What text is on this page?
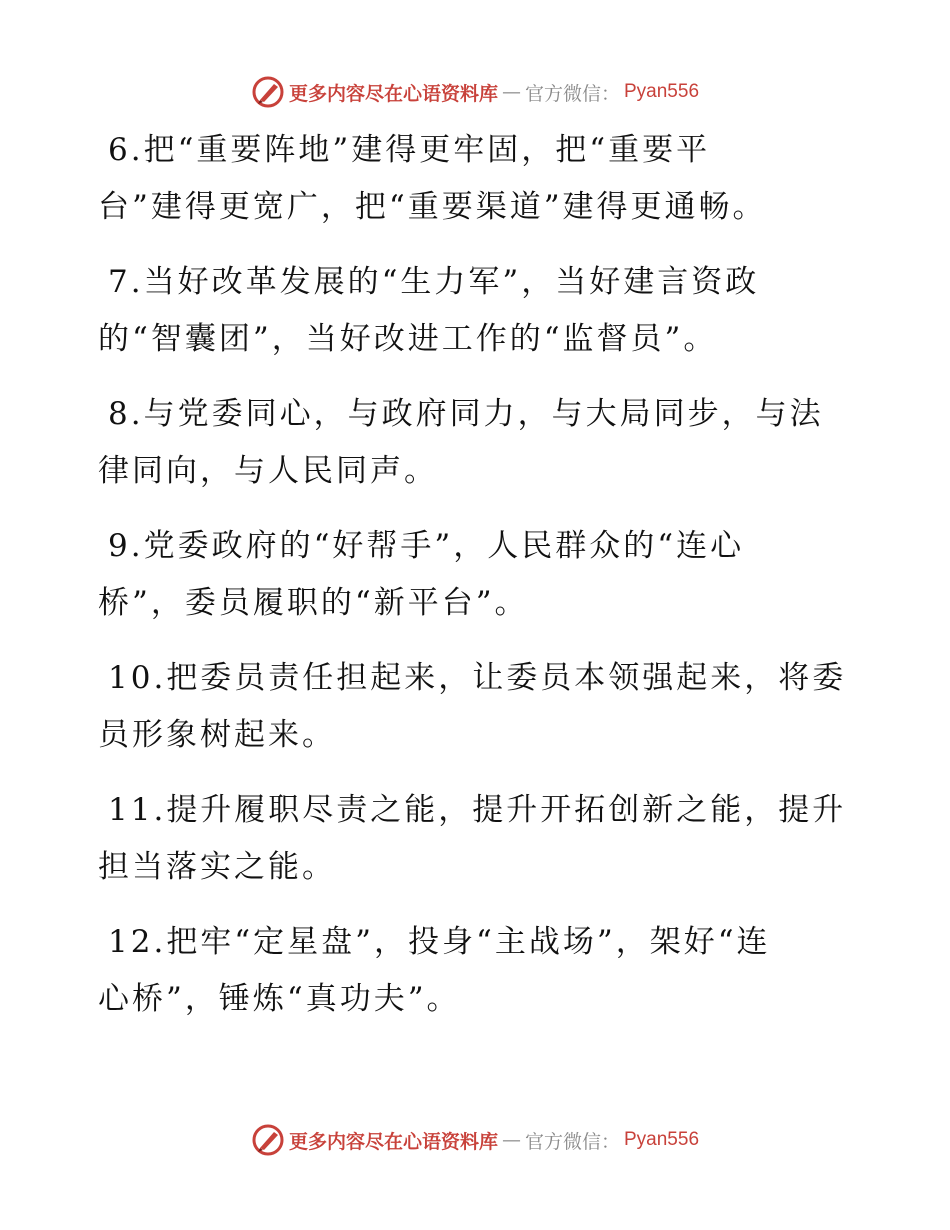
更多内容尽在心语资料库 — 官方微信： Pyan556

6.把“重要阵地”建得更牢固，把“重要平
台”建得更宽广，把“重要渠道”建得更通畅。

7.当好改革发展的“生力军”，当好建言资政
的“智囊团”，当好改进工作的“监督员”。

8.与党委同心，与政府同力，与大局同步，与法
律同向，与人民同声。

9.党委政府的“好帮手”，人民群众的“连心
桥”，委员履职的“新平台”。

10.把委员责任担起来，让委员本领强起来，将委
员形象树起来。

11.提升履职尽责之能，提升开拓创新之能，提升
担当落实之能。

12.把牢“定星盘”，投身“主战场”，架好“连
心桥”，锤炼“真功夫”。

更多内容尽在心语资料库 — 官方微信： Pyan556
